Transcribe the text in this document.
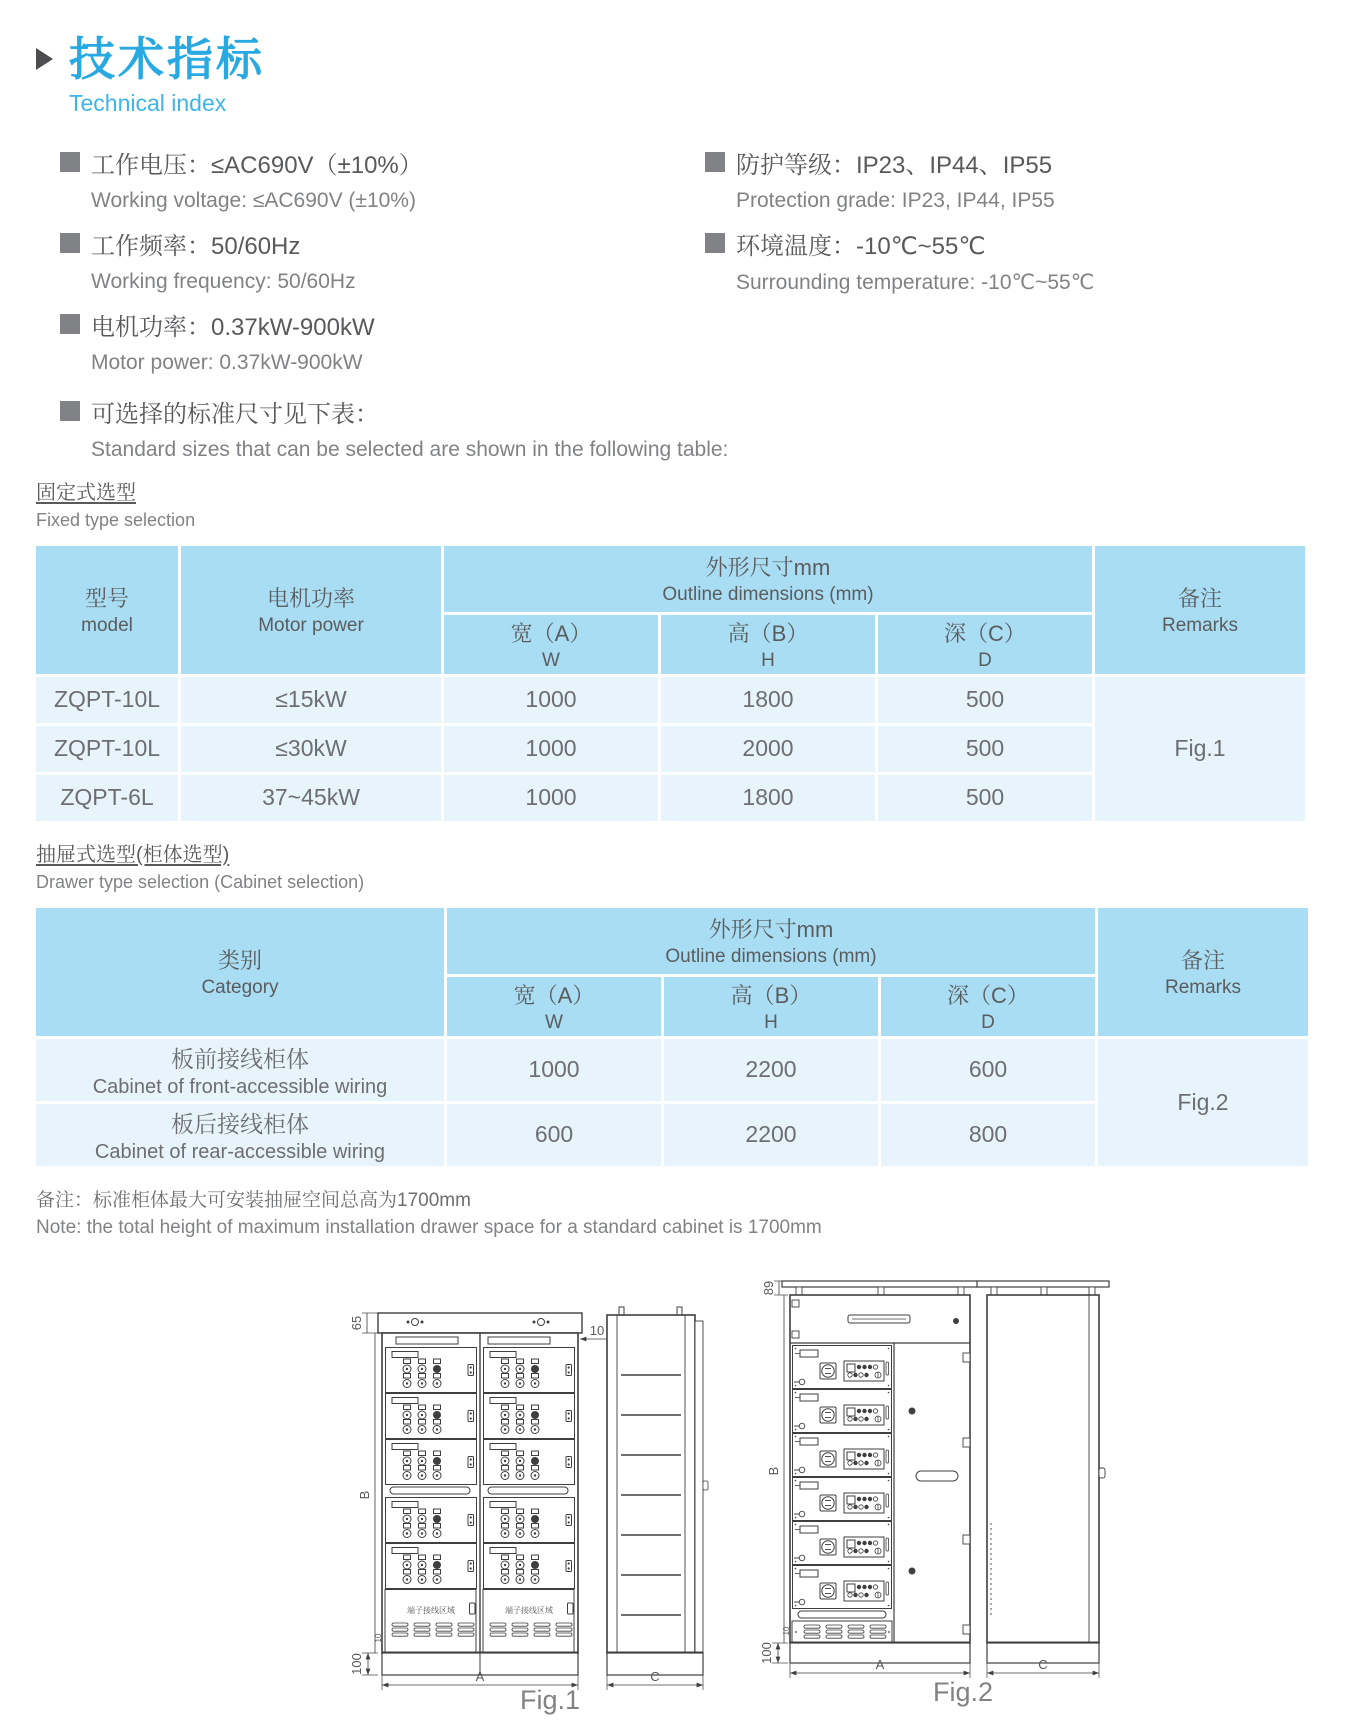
技术指标
Technical index
工作电压：≤AC690V（±10%）
Working voltage: ≤AC690V (±10%)
工作频率：50/60Hz
Working frequency: 50/60Hz
电机功率：0.37kW-900kW
Motor power: 0.37kW-900kW
防护等级：IP23、IP44、IP55
Protection grade: IP23, IP44, IP55
环境温度：-10℃~55℃
Surrounding temperature: -10℃~55℃
可选择的标准尺寸见下表：
Standard sizes that can be selected are shown in the following table:
固定式选型
Fixed type selection
型号
model	电机功率
Motor power	外形尺寸mm
Outline dimensions (mm)			备注
Remarks

		宽（A）
W	高（B）
H	深（C）
D	

ZQPT-10L	≤15kW	1000	1800	500	Fig.1
ZQPT-10L	≤30kW	1000	2000	500	
ZQPT-6L	37~45kW	1000	1800	500	
抽屉式选型(柜体选型)
Drawer type selection (Cabinet selection)
类别
Category	外形尺寸mm
Outline dimensions (mm)			备注
Remarks

	宽（A）
W	高（B）
H	深（C）
D	

板前接线柜体
Cabinet of front-accessible wiring	1000	2200	600	Fig.2

板后接线柜体
Cabinet of rear-accessible wiring	600	2200	800	
备注：标准柜体最大可安装抽屉空间总高为1700mm
Note: the total height of maximum installation drawer space for a standard cabinet is 1700mm
端子接线区域	端子接线区域
65
B
10
10
100
A	C
Fig.1
89
B
10
100
A	C
Fig.2
